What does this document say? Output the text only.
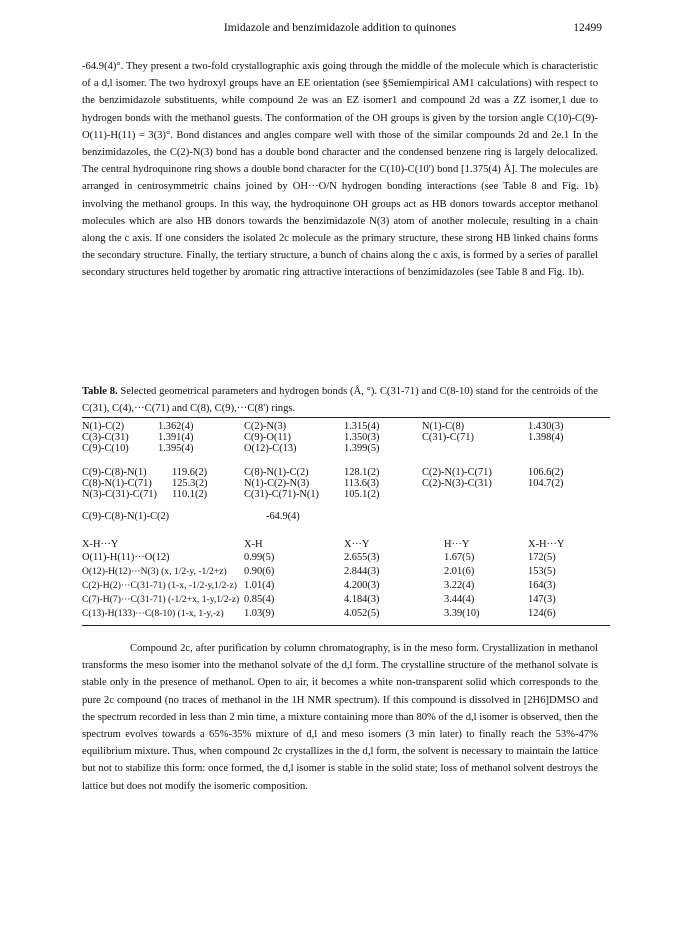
Imidazole and benzimidazole addition to quinones	12499

-64.9(4)°. They present a two-fold crystallographic axis going through the middle of the molecule which is characteristic of a d,l isomer. The two hydroxyl groups have an EE orientation (see §Semiempirical AM1 calculations) with respect to the benzimidazole substituents, while compound 2e was an EZ isomer1 and compound 2d was a ZZ isomer,1 due to hydrogen bonds with the methanol guests. The conformation of the OH groups is given by the torsion angle C(10)-C(9)-O(11)-H(11) = 3(3)°. Bond distances and angles compare well with those of the similar compounds 2d and 2e.1 In the benzimidazoles, the C(2)-N(3) bond has a double bond character and the condensed benzene ring is largely delocalized. The central hydroquinone ring shows a double bond character for the C(10)-C(10') bond [1.375(4) Å]. The molecules are arranged in centrosymmetric chains joined by OH···O/N hydrogen bonding interactions (see Table 8 and Fig. 1b) involving the methanol groups. In this way, the hydroquinone OH groups act as HB donors towards acceptor methanol molecules which are also HB donors towards the benzimidazole N(3) atom of another molecule, resulting in a chain along the c axis. If one considers the isolated 2c molecule as the primary structure, these strong HB linked chains forms the secondary structure. Finally, the tertiary structure, a bunch of chains along the c axis, is formed by a series of parallel secondary structures held together by aromatic ring attractive interactions of benzimidazoles (see Table 8 and Fig. 1b).

Table 8. Selected geometrical parameters and hydrogen bonds (Å, °). C(31-71) and C(8-10) stand for the centroids of the C(31), C(4),···C(71) and C(8), C(9),···C(8') rings.

N(1)-C(2)	1.362(4)	C(2)-N(3)	1.315(4)	N(1)-C(8)	1.430(3)
C(3)-C(31)	1.391(4)	C(9)-O(11)	1.350(3)	C(31)-C(71)	1.398(4)
C(9)-C(10)	1.395(4)	O(12)-C(13)	1.399(5)
C(9)-C(8)-N(1) 119.6(2)	C(8)-N(1)-C(2)	128.1(2)	C(2)-N(1)-C(71)	106.6(2)
C(8)-N(1)-C(71) 125.3(2)	N(1)-C(2)-N(3)	113.6(3)	C(2)-N(3)-C(31)	104.7(2)
N(3)-C(31)-C(71) 110.1(2)	C(31)-C(71)-N(1) 105.1(2)
C(9)-C(8)-N(1)-C(2)	-64.9(4)
X-H···Y	X-H	X···Y	H···Y	X-H···Y
O(11)-H(11)···O(12)	0.99(5)	2.655(3)	1.67(5)	172(5)
O(12)-H(12)···N(3) (x, 1/2-y, -1/2+z) 0.90(6)	2.844(3)	2.01(6)	153(5)
C(2)-H(2)···C(31-71) (1-x, -1/2-y,1/2-z) 1.01(4)	4.200(3)	3.22(4)	164(3)
C(7)-H(7)···C(31-71) (-1/2+x, 1-y,1/2-z) 0.85(4)	4.184(3)	3.44(4)	147(3)
C(13)-H(133)···C(8-10) (1-x, 1-y,-z) 1.03(9)	4.052(5)	3.39(10)	124(6)

Compound 2c, after purification by column chromatography, is in the meso form. Crystallization in methanol transforms the meso isomer into the methanol solvate of the d,l form. The crystalline structure of the methanol solvate is stable only in the presence of methanol. Open to air, it becomes a white non-transparent solid which corresponds to the pure 2c compound (no traces of methanol in the 1H NMR spectrum). If this compound is dissolved in [2H6]DMSO and the spectrum recorded in less than 2 min time, a mixture containing more than 80% of the d,l isomer is observed, then the spectrum evolves towards a 65%-35% mixture of d,l and meso isomers (3 min later) to finally reach the 53%-47% equilibrium mixture. Thus, when compound 2c crystallizes in the d,l form, the solvent is necessary to maintain the lattice but not to stabilize this form: once formed, the d,l isomer is stable in the solid state; loss of methanol solvent destroys the lattice but does not modify the isomeric composition.
